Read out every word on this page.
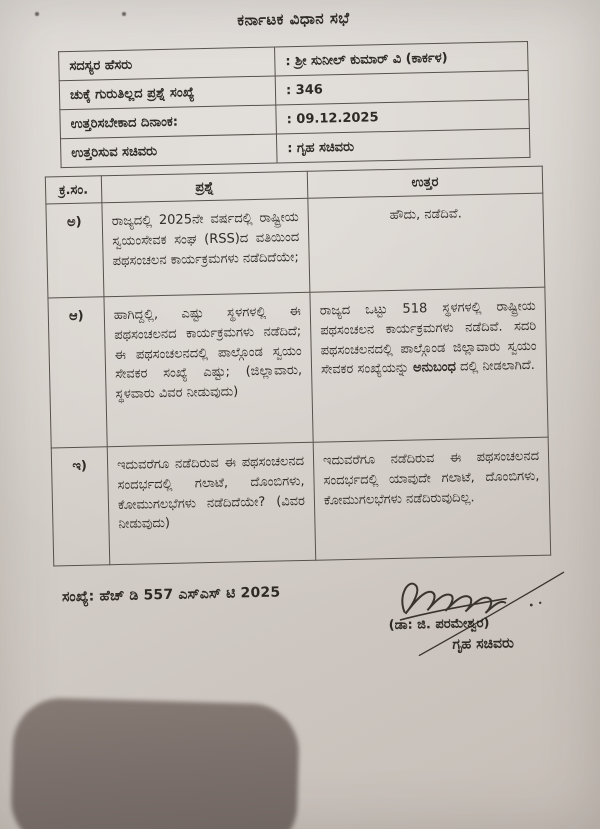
ಕರ್ನಾಟಕ ವಿಧಾನ ಸಭೆ
ಸದಸ್ಯರ ಹೆಸರು	: ಶ್ರೀ ಸುನೀಲ್ ಕುಮಾರ್ ವಿ (ಕಾರ್ಕಳ)
ಚುಕ್ಕೆ ಗುರುತಿಲ್ಲದ ಪ್ರಶ್ನೆ ಸಂಖ್ಯೆ	: 346
ಉತ್ತರಿಸಬೇಕಾದ ದಿನಾಂಕ:	: 09.12.2025
ಉತ್ತರಿಸುವ ಸಚಿವರು	: ಗೃಹ ಸಚಿವರು
ಕ್ರ.ಸಂ.	ಪ್ರಶ್ನೆ	ಉತ್ತರ
ಅ)	ರಾಜ್ಯದಲ್ಲಿ 2025ನೇ ವರ್ಷದಲ್ಲಿ ರಾಷ್ಟ್ರೀಯ ಸ್ವಯಂಸೇವಕ ಸಂಘ (RSS)ದ ವತಿಯಿಂದ ಪಥಸಂಚಲನ ಕಾರ್ಯಕ್ರಮಗಳು ನಡೆದಿದೆಯೇ;	ಹೌದು, ನಡೆದಿವೆ.
ಆ)	ಹಾಗಿದ್ದಲ್ಲಿ, ಎಷ್ಟು ಸ್ಥಳಗಳಲ್ಲಿ ಈ ಪಥಸಂಚಲನದ ಕಾರ್ಯಕ್ರಮಗಳು ನಡೆದಿದೆ; ಈ ಪಥಸಂಚಲನದಲ್ಲಿ ಪಾಲ್ಗೊಂಡ ಸ್ವಯಂ ಸೇವಕರ ಸಂಖ್ಯೆ ಎಷ್ಟು; (ಜಿಲ್ಲಾವಾರು, ಸ್ಥಳವಾರು ವಿವರ ನೀಡುವುದು)	ರಾಜ್ಯದ ಒಟ್ಟು 518 ಸ್ಥಳಗಳಲ್ಲಿ ರಾಷ್ಟ್ರೀಯ ಪಥಸಂಚಲನ ಕಾರ್ಯಕ್ರಮಗಳು ನಡೆದಿವೆ. ಸದರಿ ಪಥಸಂಚಲನದಲ್ಲಿ ಪಾಲ್ಗೊಂಡ ಜಿಲ್ಲಾವಾರು ಸ್ವಯಂ ಸೇವಕರ ಸಂಖ್ಯೆಯನ್ನು ಅನುಬಂಧ ದಲ್ಲಿ ನೀಡಲಾಗಿದೆ.
ಇ)	ಇದುವರೆಗೂ ನಡೆದಿರುವ ಈ ಪಥಸಂಚಲನದ ಸಂದರ್ಭದಲ್ಲಿ ಗಲಾಟೆ, ದೊಂಬಿಗಳು, ಕೋಮುಗಲಭೆಗಳು ನಡೆದಿದೆಯೇ? (ವಿವರ ನೀಡುವುದು)	ಇದುವರೆಗೂ ನಡೆದಿರುವ ಈ ಪಥಸಂಚಲನದ ಸಂದರ್ಭದಲ್ಲಿ ಯಾವುದೇ ಗಲಾಟೆ, ದೊಂಬಿಗಳು, ಕೋಮುಗಲಭೆಗಳು ನಡೆದಿರುವುದಿಲ್ಲ.
ಸಂಖ್ಯೆ: ಹೆಚ್ ಡಿ 557 ಎಸ್ಎಸ್ ಟಿ 2025
(ಡಾ: ಜಿ. ಪರಮೇಶ್ವರ)
ಗೃಹ ಸಚಿವರು
